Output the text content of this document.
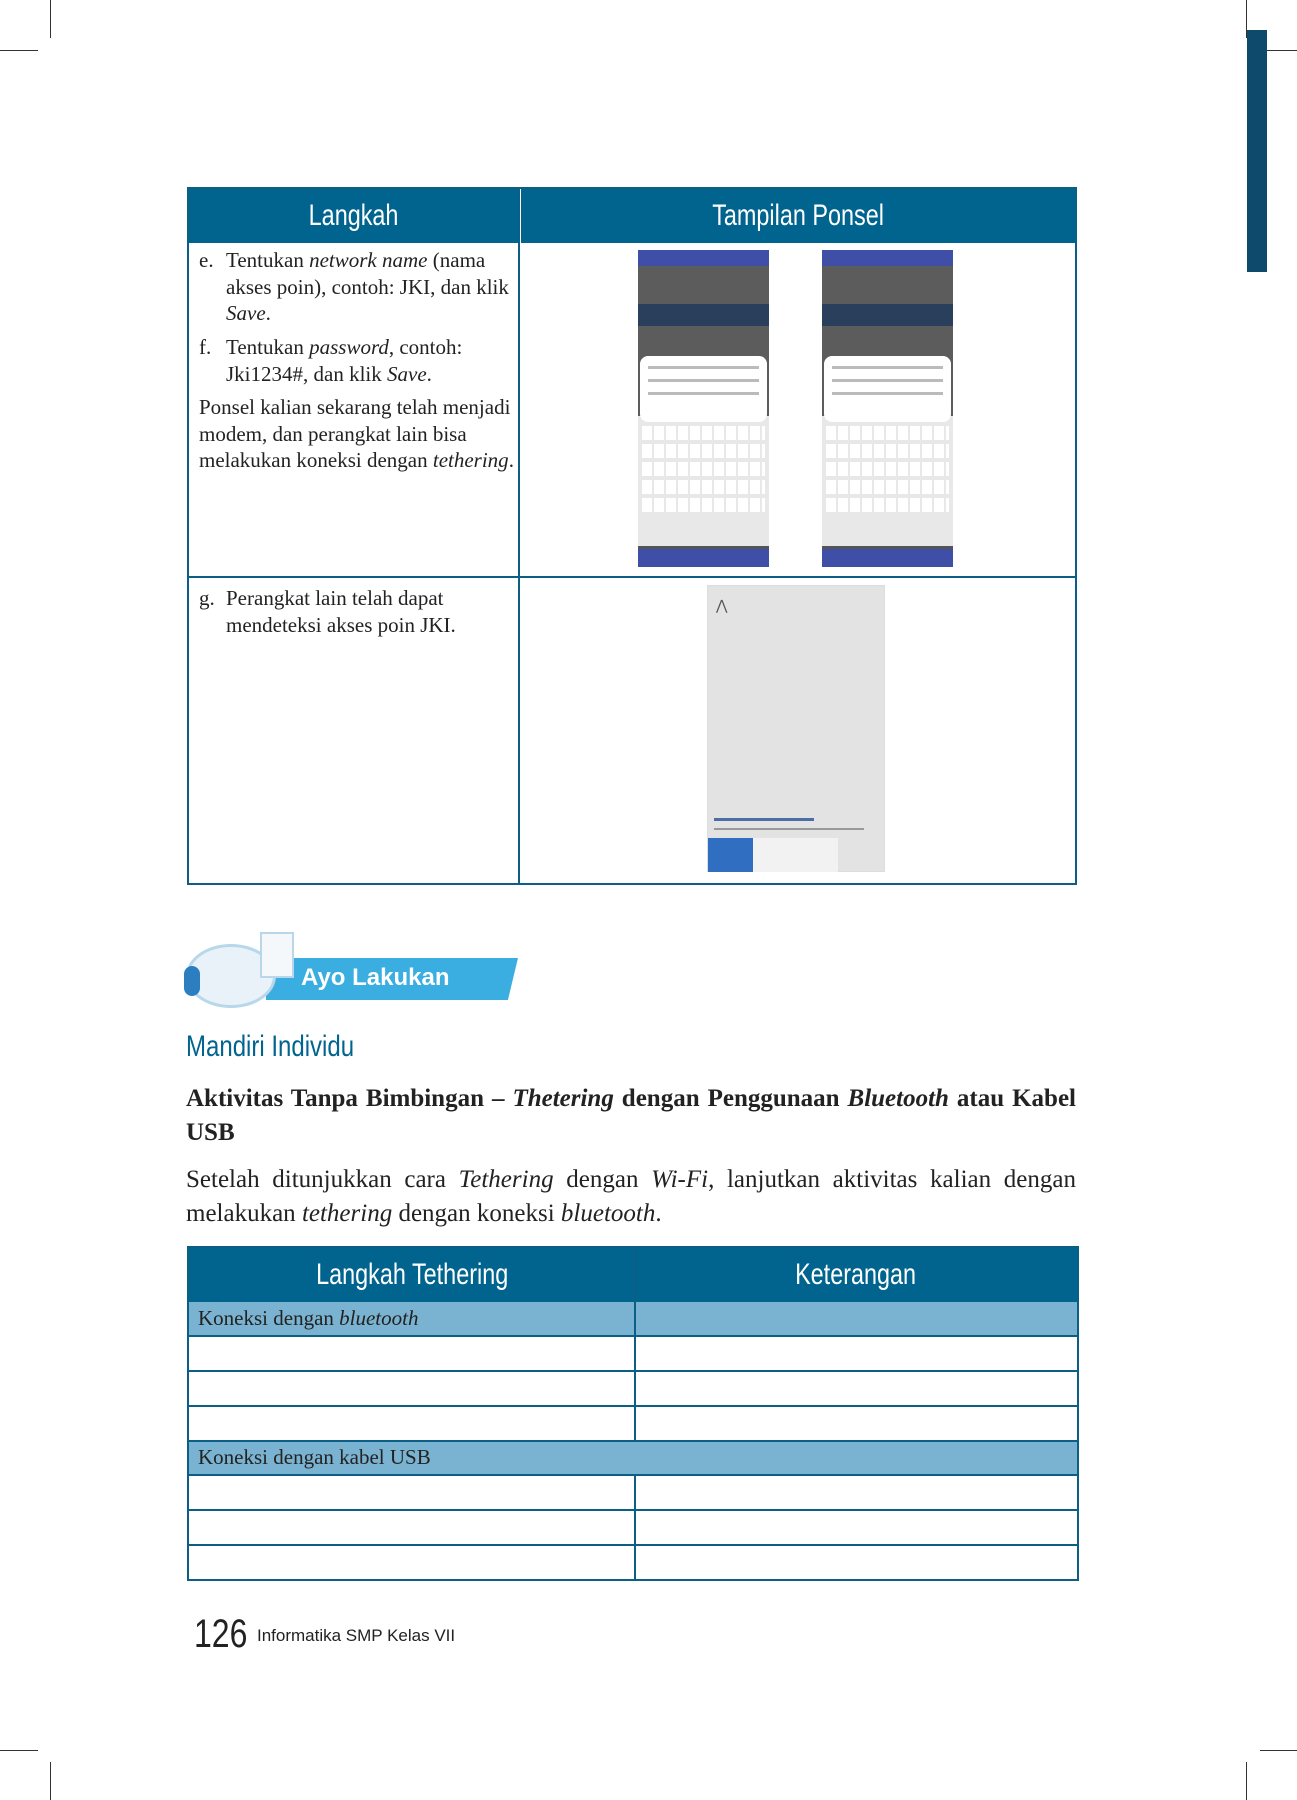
Langkah	Tampilan Ponsel
e. Tentukan network name (nama akses poin), contoh: JKI, dan klik Save.
f. Tentukan password, contoh: Jki1234#, dan klik Save.
Ponsel kalian sekarang telah menjadi modem, dan perangkat lain bisa melakukan koneksi dengan tethering.
g. Perangkat lain telah dapat mendeteksi akses poin JKI.
⋀
Ayo Lakukan
Mandiri Individu
Aktivitas Tanpa Bimbingan – Thetering dengan Penggunaan Bluetooth atau Kabel USB
Setelah ditunjukkan cara Tethering dengan Wi-Fi, lanjutkan aktivitas kalian dengan melakukan tethering dengan koneksi bluetooth.
Langkah Tethering	Keterangan
Koneksi dengan bluetooth
Koneksi dengan kabel USB
126 Informatika SMP Kelas VII
